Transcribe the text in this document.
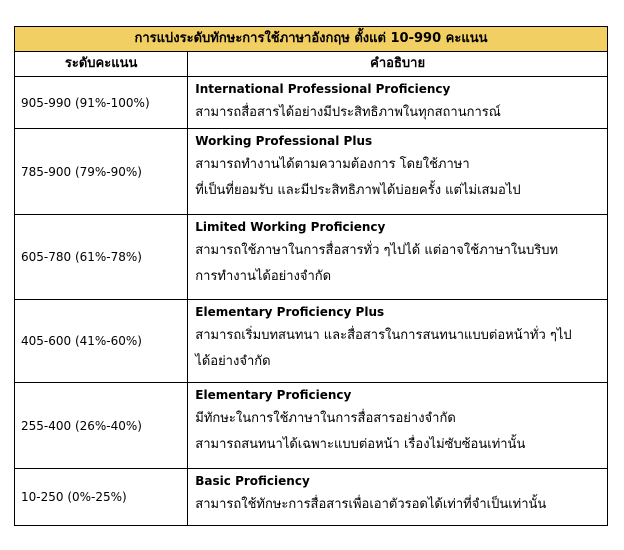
การแบ่งระดับทักษะการใช้ภาษาอังกฤษ ตั้งแต่ 10-990 คะแนน	
ระดับคะแนน	คำอธิบาย
905-990 (91%-100%)	International Professional Proficiency
สามารถสื่อสารได้อย่างมีประสิทธิภาพในทุกสถานการณ์

785-900 (79%-90%)	Working Professional Plus
สามารถทำงานได้ตามความต้องการ โดยใช้ภาษา
ที่เป็นที่ยอมรับ และมีประสิทธิภาพได้บ่อยครั้ง แต่ไม่เสมอไป

605-780 (61%-78%)	Limited Working Proficiency
สามารถใช้ภาษาในการสื่อสารทั่ว ๆไปได้ แต่อาจใช้ภาษาในบริบท
การทำงานได้อย่างจำกัด

405-600 (41%-60%)	Elementary Proficiency Plus
สามารถเริ่มบทสนทนา และสื่อสารในการสนทนาแบบต่อหน้าทั่ว ๆไป
ได้อย่างจำกัด

255-400 (26%-40%)	Elementary Proficiency
มีทักษะในการใช้ภาษาในการสื่อสารอย่างจำกัด
สามารถสนทนาได้เฉพาะแบบต่อหน้า เรื่องไม่ซับซ้อนเท่านั้น

10-250 (0%-25%)	Basic Proficiency
สามารถใช้ทักษะการสื่อสารเพื่อเอาตัวรอดได้เท่าที่จำเป็นเท่านั้น
